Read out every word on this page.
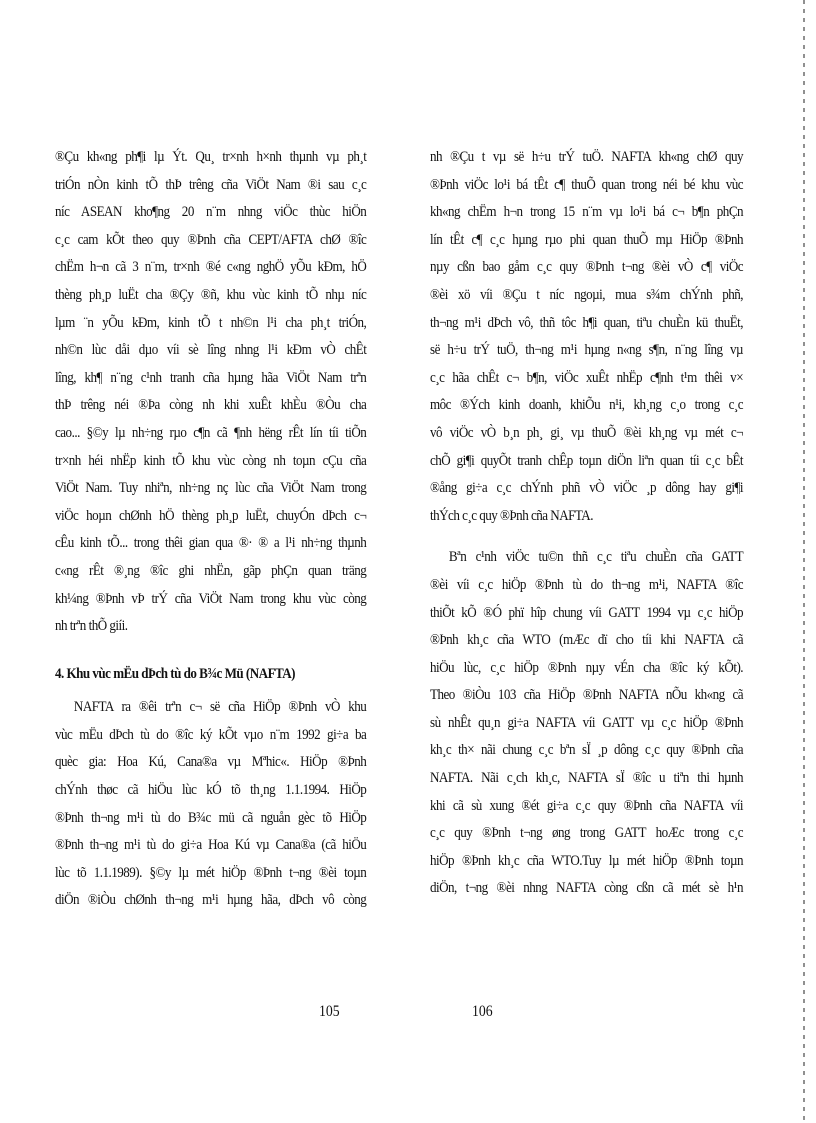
®Çu kh«ng ph¶i lµ Ýt. Qu¸ tr×nh h×nh thµnh vµ ph¸t
triÓn nÒn kinh tÕ thÞ trêng cña ViÖt Nam ®i sau c¸c
níc ASEAN kho¶ng 20 n¨m nhng viÖc thùc hiÖn
c¸c cam kÕt theo quy ®Þnh cña CEPT/AFTA chØ ®îc
chËm h¬n cã 3 n¨m, tr×nh ®é c«ng nghÖ yÕu kÐm, hÖ
thèng ph¸p luËt cha ®Çy ®ñ, khu vùc kinh tÕ nhµ níc
lµm ¨n yÕu kÐm, kinh tÕ t nh©n l¹i cha ph¸t triÓn,
nh©n lùc dåi dµo víi sè lîng nhng l¹i kÐm vÒ chÊt
lîng, kh¶ n¨ng c¹nh tranh cña hµng hãa ViÖt Nam trªn
thÞ trêng néi ®Þa còng nh khi xuÊt khÈu ®Òu cha
cao... §©y lµ nh÷ng rµo c¶n cã ¶nh hëng rÊt lín tíi tiÕn
tr×nh héi nhËp kinh tÕ khu vùc còng nh toµn cÇu cña
ViÖt Nam. Tuy nhiªn, nh÷ng nç lùc cña ViÖt Nam trong
viÖc hoµn chØnh hÖ thèng ph¸p luËt, chuyÓn dÞch c¬
cÊu kinh tÕ... trong thêi gian qua ®· ® a l¹i nh÷ng thµnh
c«ng rÊt ®¸ng ®îc ghi nhËn, gãp phÇn quan träng
kh¼ng ®Þnh vÞ trÝ cña ViÖt Nam trong khu vùc còng
nh trªn thÕ giíi.
4. Khu vùc mËu dÞch tù do B¾c Mü (NAFTA)
NAFTA ra ®êi trªn c¬ së cña HiÖp ®Þnh vÒ khu
vùc mËu dÞch tù do ®îc ký kÕt vµo n¨m 1992 gi÷a ba
quèc gia: Hoa Kú, Cana®a vµ Mªhic«. HiÖp ®Þnh
chÝnh thøc cã hiÖu lùc kÓ tõ th¸ng 1.1.1994. HiÖp
®Þnh th¬ng m¹i tù do B¾c mü cã nguån gèc tõ HiÖp
®Þnh th¬ng m¹i tù do gi÷a Hoa Kú vµ Cana®a (cã hiÖu
lùc tõ 1.1.1989). §©y lµ mét hiÖp ®Þnh t¬ng ®èi toµn
diÖn ®iÒu chØnh th¬ng m¹i hµng hãa, dÞch vô còng
105
nh ®Çu t vµ së h÷u trÝ tuÖ. NAFTA kh«ng chØ quy
®Þnh viÖc lo¹i bá tÊt c¶ thuÕ quan trong néi bé khu vùc
kh«ng chËm h¬n trong 15 n¨m vµ lo¹i bá c¬ b¶n phÇn
lín tÊt c¶ c¸c hµng rµo phi quan thuÕ mµ HiÖp ®Þnh
nµy cßn bao gåm c¸c quy ®Þnh t¬ng ®èi vÒ c¶ viÖc
®èi xö víi ®Çu t níc ngoµi, mua s¾m chÝnh phñ,
th¬ng m¹i dÞch vô, thñ tôc h¶i quan, tiªu chuÈn kü thuËt,
së h÷u trÝ tuÖ, th¬ng m¹i hµng n«ng s¶n, n¨ng lîng vµ
c¸c hãa chÊt c¬ b¶n, viÖc xuÊt nhËp c¶nh t¹m thêi v×
môc ®Ých kinh doanh, khiÕu n¹i, kh¸ng c¸o trong c¸c
vô viÖc vÒ b¸n ph¸ gi¸ vµ thuÕ ®èi kh¸ng vµ mét c¬
chÕ gi¶i quyÕt tranh chÊp toµn diÖn liªn quan tíi c¸c bÊt
®ång gi÷a c¸c chÝnh phñ vÒ viÖc ¸p dông hay gi¶i
thÝch c¸c quy ®Þnh cña NAFTA.
Bªn c¹nh viÖc tu©n thñ c¸c tiªu chuÈn cña GATT
®èi víi c¸c hiÖp ®Þnh tù do th¬ng m¹i, NAFTA ®îc
thiÕt kÕ ®Ó phï hîp chung víi GATT 1994 vµ c¸c hiÖp
®Þnh kh¸c cña WTO (mÆc dï cho tíi khi NAFTA cã
hiÖu lùc, c¸c hiÖp ®Þnh nµy vÉn cha ®îc ký kÕt).
Theo ®iÒu 103 cña HiÖp ®Þnh NAFTA nÕu kh«ng cã
sù nhÊt qu¸n gi÷a NAFTA víi GATT vµ c¸c hiÖp ®Þnh
kh¸c th× nãi chung c¸c bªn sÏ ¸p dông c¸c quy ®Þnh cña
NAFTA. Nãi c¸ch kh¸c, NAFTA sÏ ®îc u tiªn thi hµnh
khi cã sù xung ®ét gi÷a c¸c quy ®Þnh cña NAFTA víi
c¸c quy ®Þnh t¬ng øng trong GATT hoÆc trong c¸c
hiÖp ®Þnh kh¸c cña WTO.Tuy lµ mét hiÖp ®Þnh toµn
diÖn, t¬ng ®èi nhng NAFTA còng cßn cã mét sè h¹n
106
